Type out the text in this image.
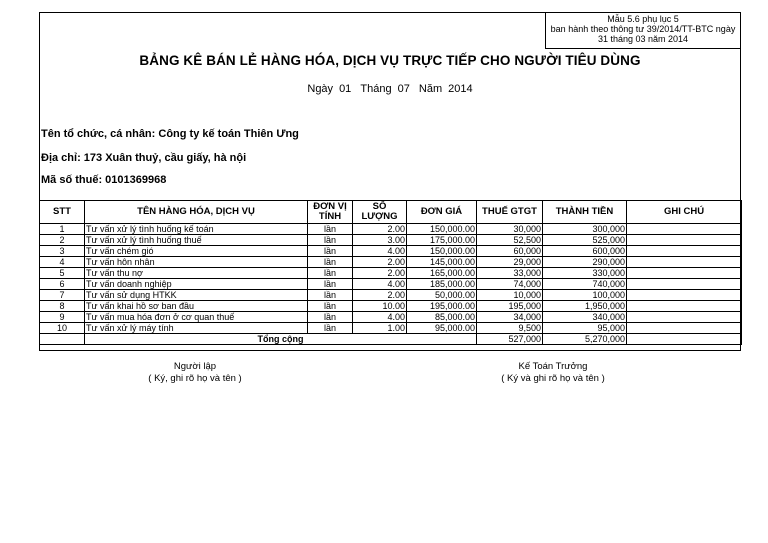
Mẫu 5.6 phụ lục 5
ban hành theo thông tư 39/2014/TT-BTC ngày
31 tháng 03 năm 2014
BẢNG KÊ BÁN LẺ HÀNG HÓA, DỊCH VỤ TRỰC TIẾP CHO NGƯỜI TIÊU DÙNG
Ngày 01 Tháng 07 Năm 2014
Tên tổ chức, cá nhân: Công ty kế toán Thiên Ưng
Địa chỉ: 173 Xuân thuỷ, cầu giấy, hà nội
Mã số thuế: 0101369968
STT	TÊN HÀNG HÓA, DỊCH VỤ	ĐƠN VỊ TÍNH	SỐ LƯỢNG	ĐƠN GIÁ	THUẾ GTGT	THÀNH TIỀN	GHI CHÚ
1	Tư vấn xử lý tình huống kế toán	lần	2.00	150,000.00	30,000	300,000	
2	Tư vấn xử lý tình huống thuế	lần	3.00	175,000.00	52,500	525,000	
3	Tư vấn chém gió	lần	4.00	150,000.00	60,000	600,000	
4	Tư vấn hôn nhân	lần	2.00	145,000.00	29,000	290,000	
5	Tư vấn thu nợ	lần	2.00	165,000.00	33,000	330,000	
6	Tư vấn doanh nghiệp	lần	4.00	185,000.00	74,000	740,000	
7	Tư vấn sử dụng HTKK	lần	2.00	50,000.00	10,000	100,000	
8	Tư vấn khai hồ sơ ban đầu	lần	10.00	195,000.00	195,000	1,950,000	
9	Tư vấn mua hóa đơn ở cơ quan thuế	lần	4.00	85,000.00	34,000	340,000	
10	Tư vấn xử lý máy tính	lần	1.00	95,000.00	9,500	95,000	
	Tổng cộng				527,000	5,270,000	
Người lập
( Ký, ghi rõ họ và tên )
Kế Toán Trưởng
( Ký và ghi rõ họ và tên )
